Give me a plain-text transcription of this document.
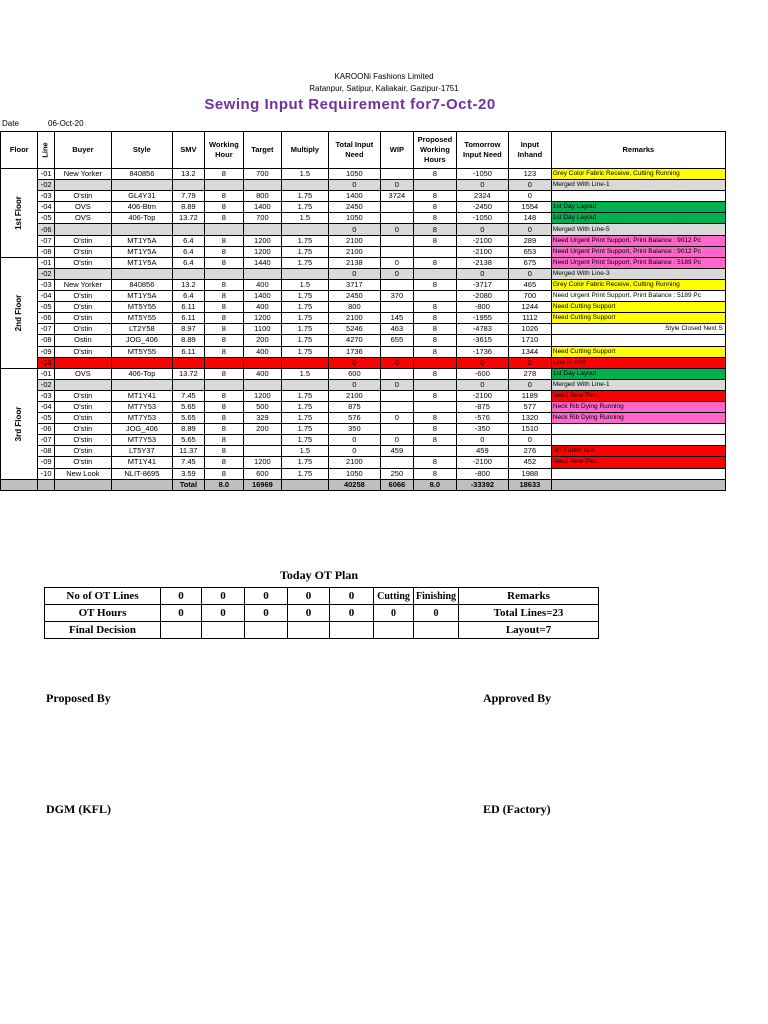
KAROONi Fashions Limited
Ratanpur, Satipur, Kaliakair, Gazipur-1751
Sewing Input Requirement for7-Oct-20
Date	06-Oct-20
Floor	Line	Buyer	Style	SMV	Working Hour	Target	Multiply	Total Input Need	WIP	Proposed Working Hours	Tomorrow Input Need	Input Inhand	Remarks

1st Floor	-01	New Yorker	840856	13.2	8	700	1.5	1050		8	-1050	123	Grey Color Fabric Receive, Cutting Running
	-02							0	0		0	0	Merged With Line-1
	-03	O'stin	GL4Y31	7.79	8	800	1.75	1400	3724	8	2324	0	
	-04	OVS	406-Btm	8.89	8	1400	1.75	2450		8	-2450	1554	1st Day Layout
	-05	OVS	406-Top	13.72	8	700	1.5	1050		8	-1050	148	1st Day Layout
	-06							0	0	8	0	0	Merged With Line-5
	-07	O'stin	MT1Y5A	6.4	8	1200	1.75	2100		8	-2100	289	Need Urgent Print Support, Print Balance : 9012 Pc
	-08	O'stin	MT1Y5A	6.4	8	1200	1.75	2100			-2100	653	Need Urgent Print Support, Print Balance : 9012 Pc

2nd Floor	-01	O'stin	MT1Y5A	6.4	8	1440	1.75	2138	0	8	-2138	675	Need Urgent Print Support, Print Balance : 5189 Pc
	-02							0	0		0	0	Merged With Line-3
	-03	New Yorker	840856	13.2	8	400	1.5	3717		8	-3717	465	Grey Color Fabric Receive, Cutting Running
	-04	O'stin	MT1Y5A	6.4	8	1400	1.75	2450	370		-2080	700	Need Urgent Print Support, Print Balance : 5189 Pc
	-05	O'stin	MT5Y55	6.11	8	400	1.75	800		8	-800	1244	Need Cutting Support
	-06	O'stin	MT5Y55	6.11	8	1200	1.75	2100	145	8	-1955	1112	Need Cutting Support
	-07	O'stin	LT2Y58	8.97	8	1100	1.75	5246	463	8	-4783	1026	Style Closed Next S
	-08	Ostin	JOG_406	8.89	8	200	1.75	4270	655	8	-3615	1710	
	-09	O'stin	MT5Y55	6.11	8	400	1.75	1736		8	-1736	1344	Need Cutting Support
	-10							0	0		0	0	Line is stop

3rd Floor	-01	OVS	406-Top	13.72	8	400	1.5	600		8	-600	278	1st Day Layout
	-02							0	0		0	0	Merged With Line-1
	-03	O'stin	MT1Y41	7.45	8	1200	1.75	2100		8	-2100	1189	Need New Plan
	-04	O'stin	MT7Y53	5.65	8	500	1.75	875			-875	577	Neck Rib Dying Running
	-05	O'stin	MT7Y53	5.65	8	329	1.75	576	0	8	-576	1320	Neck Rib Dying Running
	-06	O'stin	JOG_406	8.89	8	200	1.75	350		8	-350	1510	
	-07	O'stin	MT7Y53	5.65	8		1.75	0	0	8	0	0	
	-08	O'stin	LT5Y37	11.37	8		1.5	0	459		459	276	S/J Fabric N/A
	-09	O'stin	MT1Y41	7.45	8	1200	1.75	2100		8	-2100	452	Need New Plan
	-10	New Look	NLIT-8695	3.59	8	600	1.75	1050	250	8	-800	1988	
				Total	8.0	16969		40258	6066	8.0	-33392	18633	
Today OT Plan
No of OT Lines	0	0	0	0	0	Cutting	Finishing	Remarks
OT Hours	0	0	0	0	0	0	0	Total Lines=23
Final Decision								Layout=7
Proposed By	Approved By
DGM (KFL)	ED (Factory)
